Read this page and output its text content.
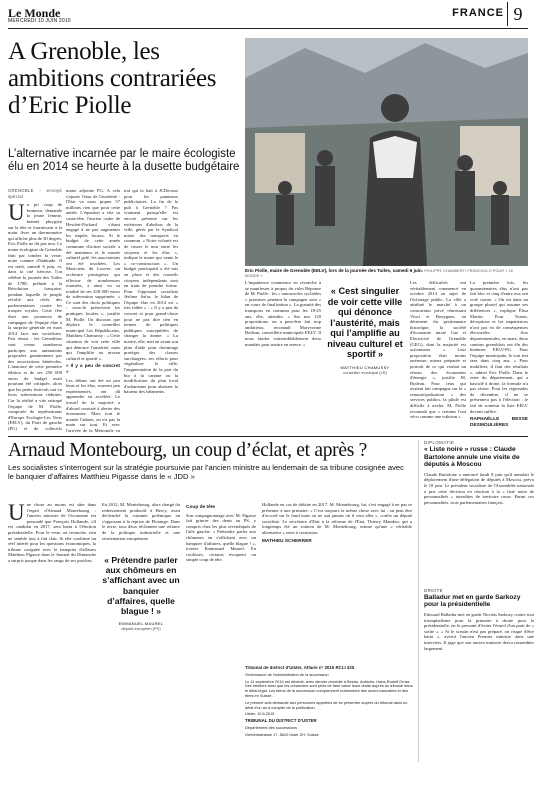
Le Monde
MERCREDI 10 JUIN 2015
FRANCE 9
A Grenoble, les ambitions contrariées d’Eric Piolle
L’alternative incarnée par le maire écologiste élu en 2014 se heurte à la dusette budgétaire
GRENOBLE - envoyé spécial
U n pti coup de brumeur, demande la jeune femme, bonnet phrygien sur la tête et fournisseur à la main. Avec un thermomètre qui affiche plus de 30 degrés, Eric Piolle ne dit pas non. Le maire écologiste de Grenoble finit par tomber la veste, notre comme d'habitude. Il est midi, samedi 6 juin, et, dans la cité iséroise, l'on célèbre la journée des Tuiles de 1788, prélude à la Révolution française, pendant laquelle le peuple révolté aux côtés des parlementaires contre les troupes royales. Cette fête était une promesse de campagne de l'équipe élue à la surprise générale en mars 2014 face aux socialistes. Pari réussi : les Grenoblois sont venus nombreux participer aux animations proposées gratuitement par des associations bénévoles. L'annonce de cette première édition et de ses 250 000 euros de budget avait pourtant été critiquée, alors que les petits festivals ont vu leurs subventions réduites. Car la réalité a vite rattrapé l'équipe de M. Piolle, composée de représentants d'Europe Ecologie-Les Verts (EELV), du Parti de gauche (PG) et de collectifs

maire adjointe PG. A cela s'ajoute l'étau de l'austérité : l'Etat va nous piquer 57 millions rien que pour cette année. L'équation a vite su casse-tête, l'ancien cadre de Hewlett-Packard s'étant engagé à ne pas augmenter les impôts locaux. Si le budget de cette année commune d'action sociale a été maintenu et le musée culturel gelé, les associations ont été touchées. Les Musiciens du Louvre, un orchestre prestigieux qui effectue de nombreuses tournées, a ainsi vu sa totalité de ses 438 000 euros de subvention supprimée. « Ce sont des choix politiques : ceux-là préservent les pratiques locales », justifie M. Piolle. Un discours que déplore le conseiller municipal Les Républicains, Matthieu Chamussy : « Cette situation de voir cette ville qui dénonce l'austérité, mais qui l'amplifie au niveau culturel et sportif ».

« Il y a peu de concret »

Les débuts ont été un peu lents et les élus, souvent peu expérimentés, ont dû apprendre en accéléré. Le travail de la majorité a d'abord consisté à alerter des économies. Mais tout le monde l'admet, on n'a pas la main sur tout. Et avec l'arrivée de la Métropole en

trat qui la liait à JCDecaux pour les panneaux publicitaires. La fin de la pub à Grenoble ? Pas vraiment puisqu'elle est encore présente sur les extérieurs d'abribus de la ville, gérés par le Syndicat mixte des transports en commun. « Notre volonté est de casser le mur entre les citoyens et les élus », indique le maire qui vante le « co-construction ». Un budget participatif a été mis en place et des conseils citoyens indépendants sont en train de prendre forme. Pour l'opposant socialiste Jérôme Safar, le bilan de l'équipe élue en 2014 est « très faible » : « Il y a peu de concret et pour grand-chose pour ne pas dire rien en termes de politiques publiques susceptibles de changer la donne. » La mairie, elle, met en avant son plan d'aide pour davantage protéger des classes surchargées, ses efforts pour végétaliser la ville, l'augmentation de la part du bio à la cantine ou la modification du plan local d'urbanisme pour abaisser la hauteur des bâtiments.

Eric Piolle, maire de Grenoble (EELV), lors de la journée des Tuiles, samedi 6 juin. PHILIPPE CHAMBERT/ FRENCHOLO POUR « LE MONDE »

L'impatience commence en revanche à se manifester à propos du volet Réponse de M. Piolle : les « autorosoles cyclables » promises pendant la campagne sont « en cours de finalisation ». La gratuité des transports en commun pour les 18-25 ans, elle, attendra. « Sur nos 120 propositions, on a peut-être fait trop ambitieux, reconnaît Maryvonne Boileau, conseillère municipale EELV. Il nous faudra vraisemblablement deux mandats pour mettre en œuvre. »

« Cest singulier de voir cette ville qui dénonce l’austérité, mais qui l’amplifie au niveau culturel et sportif »
MATTHIEU CHAMUSSY
conseiller municipal (LR)

Les difficultés ont véritablement commencé en octobre 2014 au sujet de l'éclairage public. La ville a attribué le marché à un consortium privé réunissant Vinci et Bouygues, au détriment du gestionnaire historique, la société d'économie mixte Gaz et Electricité de Grenoble (GEG), dont la majorité est actionnaire. « Leur proposition était moins onéreuse, mieux préparée et portrait de ce qui voulait un réseau des économies d'énergie », justifie M. Boileau. Pour ceux qui avaient fait campagne sur la « remunicipalisation » des services publics, la pilule est difficile à avaler. M. Piolle reconnaît que « certains l'ont vécu comme une trahison ».

La première fois, les quarantenaires élus n'ont pas fait bloc et cinq d'entre eux ont voté contre. « On est dans un groupe pluriel qui assume ses différences », explique Élisa Martin. Pour Tomas, déceptions et les impatiences n'ont pas eu de conséquences électorales. Aux départementales, en mars, deux cantons grenoblois ont élu des binômes EELV-PG. Pour l'équipe municipale, le vrai test sera dans cinq ans. « Pour mobiliser, il faut des résultats », admet Eric Piolle. Dans le reste du département, qui a basculé à droite, la formule n'a pas réussi. Pour les régionales de décembre, il ne se présentera pas à l'élection : le fait de soutenir la liste EELV devrait suffire.

RAPHAËLLE BESSE DESMOULIÈRES
Arnaud Montebourg, un coup d’éclat, et après ?
Les socialistes s’interrogent sur la stratégie poursuivie par l’ancien ministre au lendemain de sa tribune cosignée avec le banquier d’affaires Matthieu Pigasse dans le « JDD »
U ne chose au moins est sûre dans l'esprit d'Arnaud Montebourg : l'ancien ministre de l'économie est persuadé que François Hollande, s'il est candidat en 2017, sera battu à l'élection présidentielle. Pour le reste, en revanche, rien ne semble tout à fait clair. Si elle confirme un réel intérêt pour les questions économiques, la tribune cosignée avec le banquier d'affaires Matthieu Pigasse dans le Journal du Dimanche a surpris jusque dans les rangs de ses proches.	« Prétendre parler aux chômeurs en s’affichant avec un banquier d’affaires, quelle blague ! »
EMMANUEL MAUREL
député européen (PS)

En 2012, M. Montebourg, alors chargé du redressement productif à Bercy, avait déclenché la cuisante polémique en s'opposant à la reprise de Florange. Dans le texte, tous deux réclament une relance de la politique industrielle et une réorientation européenne.

Coup de tête

Son compagnonnage avec M. Pigasse fait grincer des dents au PS, y compris chez les plus revendiqués de l'aile gauche. « Prétendre parler aux chômeurs en s'affichant avec un banquier d'affaires, quelle blague ! », ironise Emmanuel Maurel. En coulisses, certains évoquent un simple coup de tête.

Hollande en cas de défaite en 2017. M. Montebourg, lui, s'est engagé à ne pas se présenter à une primaire. « C'est toujours la même chose avec lui : on peut être d'accord sur le fond mais on ne sait jamais où il veut aller », confie un député socialiste. Le secrétaire d'Etat à la réforme de l'Etat, Thierry Mandon, qui a longtemps été un soutien de M. Montebourg, estime qu'une « véritable alternative » reste à construire.

MATHIEU SCHERRER

Tribunal de district d'Ulster, Affaire n° 2015 RCLI 325

Ordonnance de l'administration de la succession

Le 11 septembre 2014 est décédé, avec dernier domicile à Bezau, Autriche, Hans-Rudolf Gross. Ses héritiers ainsi que les créanciers sont priés de faire valoir leurs droits auprès du tribunal dans le délai légal. Les biens de la succession comprennent notamment des avoirs bancaires et des titres en Suisse.

Le présent avis demande aux personnes appelées de se présenter auprès du tribunal dans un délai d'un an à compter de la publication.

Ulster, 10.6.2015

TRIBUNAL DU DISTRICT D'USTER

Département des successions

Gerichtsstrasse 17, 8610 Uster ZH, Suisse

DIPLOMATIE
« Liste noire » russe : Claude Bartolone annule une visite de députés à Moscou
Claude Bartolone a annoncé lundi 8 juin qu'il annulait le déplacement d'une délégation de députés à Moscou, prévu le 18 juin. Le président socialiste de l'Assemblée nationale a pris cette décision en réaction à la « liste noire de personnalités » interdites de territoire russe. Parmi ces personnalités, trois parlementaires français.
DROITE
Balladur met en garde Sarkozy pour la présidentielle
Edouard Balladur met en garde Nicolas Sarkozy contre tout triomphalisme pour la primaire à droite pour la présidentielle, en le pressant d'éviter l'écueil d'un parti de « sortie ». « Si le scrutin n'est pas préparé, on risque d'être battu », avertit l'ancien Premier ministre dans une interview. Il juge que son ancien ministre devra rassembler largement.
